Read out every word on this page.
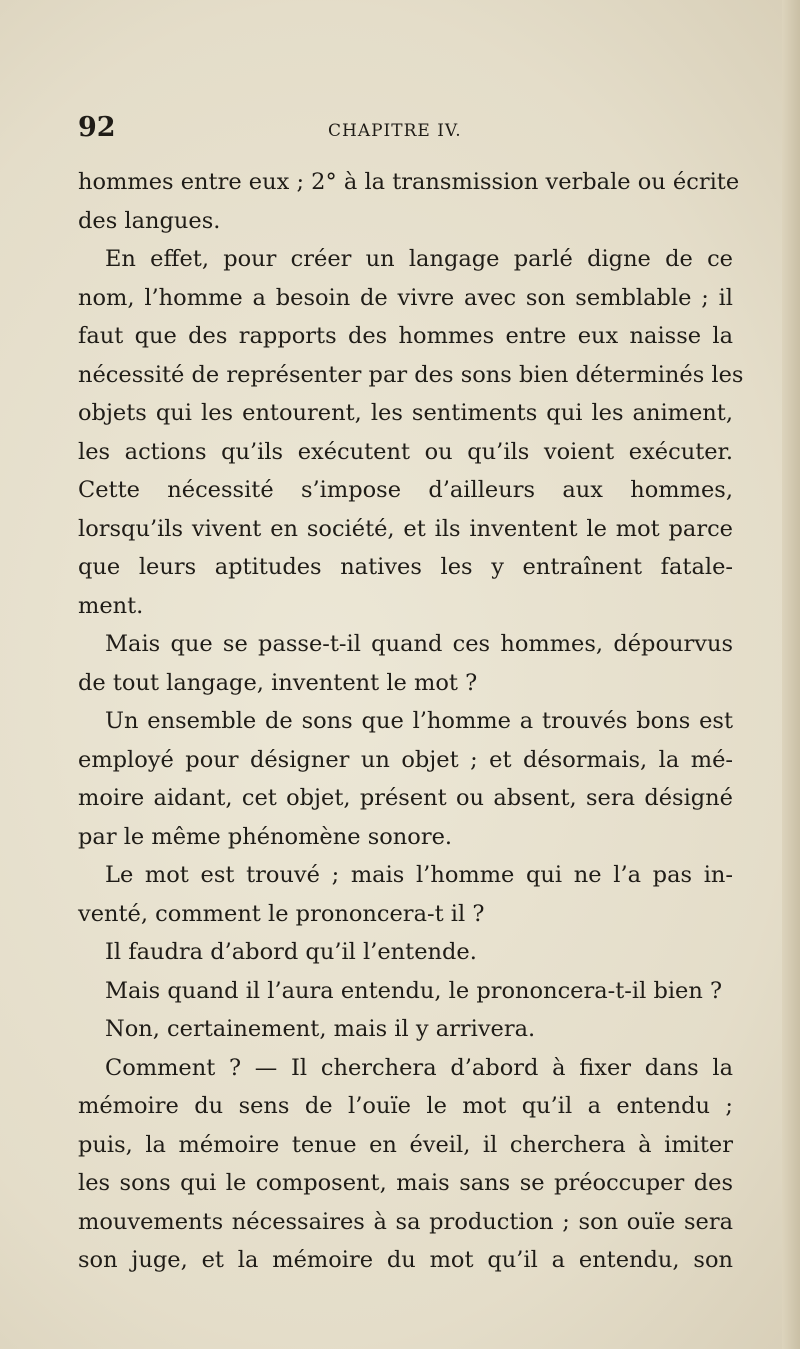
92	CHAPITRE IV.
hommes entre eux ; 2° à la transmission verbale ou écrite
des langues.
En effet, pour créer un langage parlé digne de ce
nom, l’homme a besoin de vivre avec son semblable ; il
faut que des rapports des hommes entre eux naisse la
nécessité de représenter par des sons bien déterminés les
objets qui les entourent, les sentiments qui les animent,
les actions qu’ils exécutent ou qu’ils voient exécuter.
Cette nécessité s’impose d’ailleurs aux hommes,
lorsqu’ils vivent en société, et ils inventent le mot parce
que leurs aptitudes natives les y entraînent fatale-
ment.
Mais que se passe-t-il quand ces hommes, dépourvus
de tout langage, inventent le mot ?
Un ensemble de sons que l’homme a trouvés bons est
employé pour désigner un objet ; et désormais, la mé-
moire aidant, cet objet, présent ou absent, sera désigné
par le même phénomène sonore.
Le mot est trouvé ; mais l’homme qui ne l’a pas in-
venté, comment le prononcera-t il ?
Il faudra d’abord qu’il l’entende.
Mais quand il l’aura entendu, le prononcera-t-il bien ?
Non, certainement, mais il y arrivera.
Comment ? — Il cherchera d’abord à fixer dans la
mémoire du sens de l’ouïe le mot qu’il a entendu ;
puis, la mémoire tenue en éveil, il cherchera à imiter
les sons qui le composent, mais sans se préoccuper des
mouvements nécessaires à sa production ; son ouïe sera
son juge, et la mémoire du mot qu’il a entendu, son
